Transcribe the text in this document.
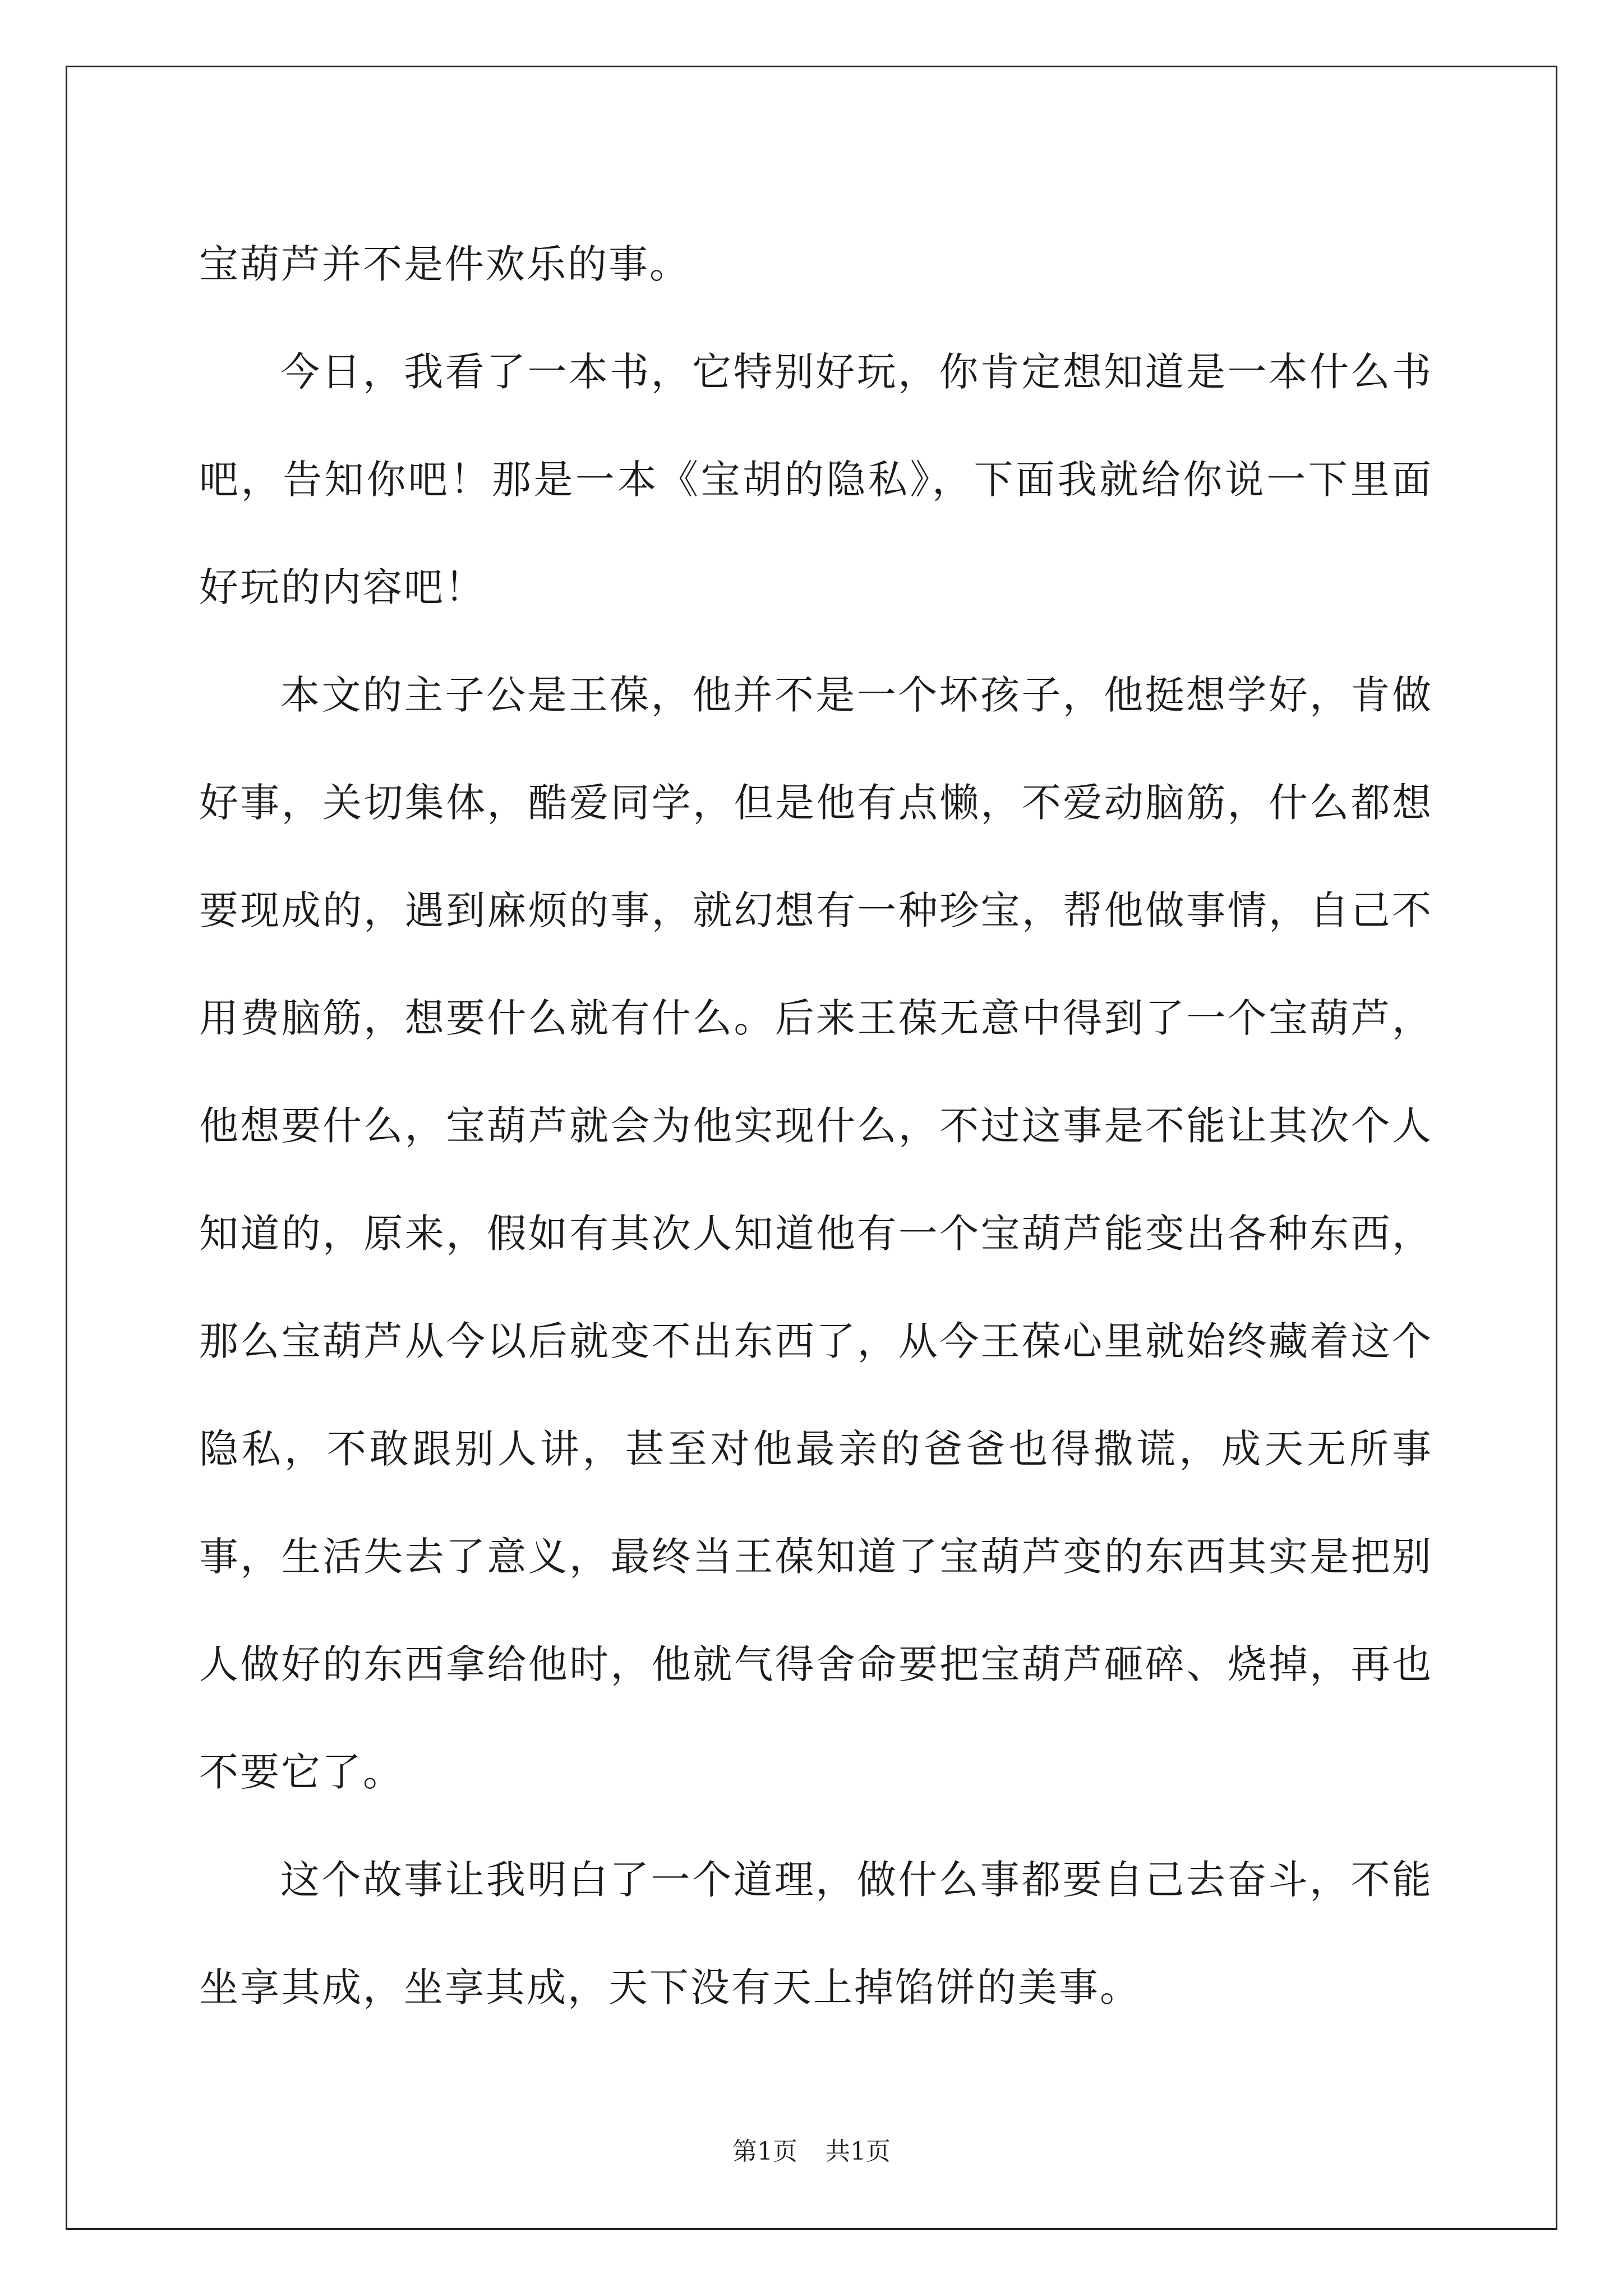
宝葫芦并不是件欢乐的事。

今日，我看了一本书，它特别好玩，你肯定想知道是一本什么书吧，告知你吧！那是一本《宝胡的隐私》，下面我就给你说一下里面好玩的内容吧！

本文的主子公是王葆，他并不是一个坏孩子，他挺想学好，肯做好事，关切集体，酷爱同学，但是他有点懒，不爱动脑筋，什么都想要现成的，遇到麻烦的事，就幻想有一种珍宝，帮他做事情，自己不用费脑筋，想要什么就有什么。后来王葆无意中得到了一个宝葫芦，他想要什么，宝葫芦就会为他实现什么，不过这事是不能让其次个人知道的，原来，假如有其次人知道他有一个宝葫芦能变出各种东西，那么宝葫芦从今以后就变不出东西了，从今王葆心里就始终藏着这个隐私，不敢跟别人讲，甚至对他最亲的爸爸也得撒谎，成天无所事事，生活失去了意义，最终当王葆知道了宝葫芦变的东西其实是把别人做好的东西拿给他时，他就气得舍命要把宝葫芦砸碎、烧掉，再也不要它了。

这个故事让我明白了一个道理，做什么事都要自己去奋斗，不能坐享其成，坐享其成，天下没有天上掉馅饼的美事。

第1页 共1页
